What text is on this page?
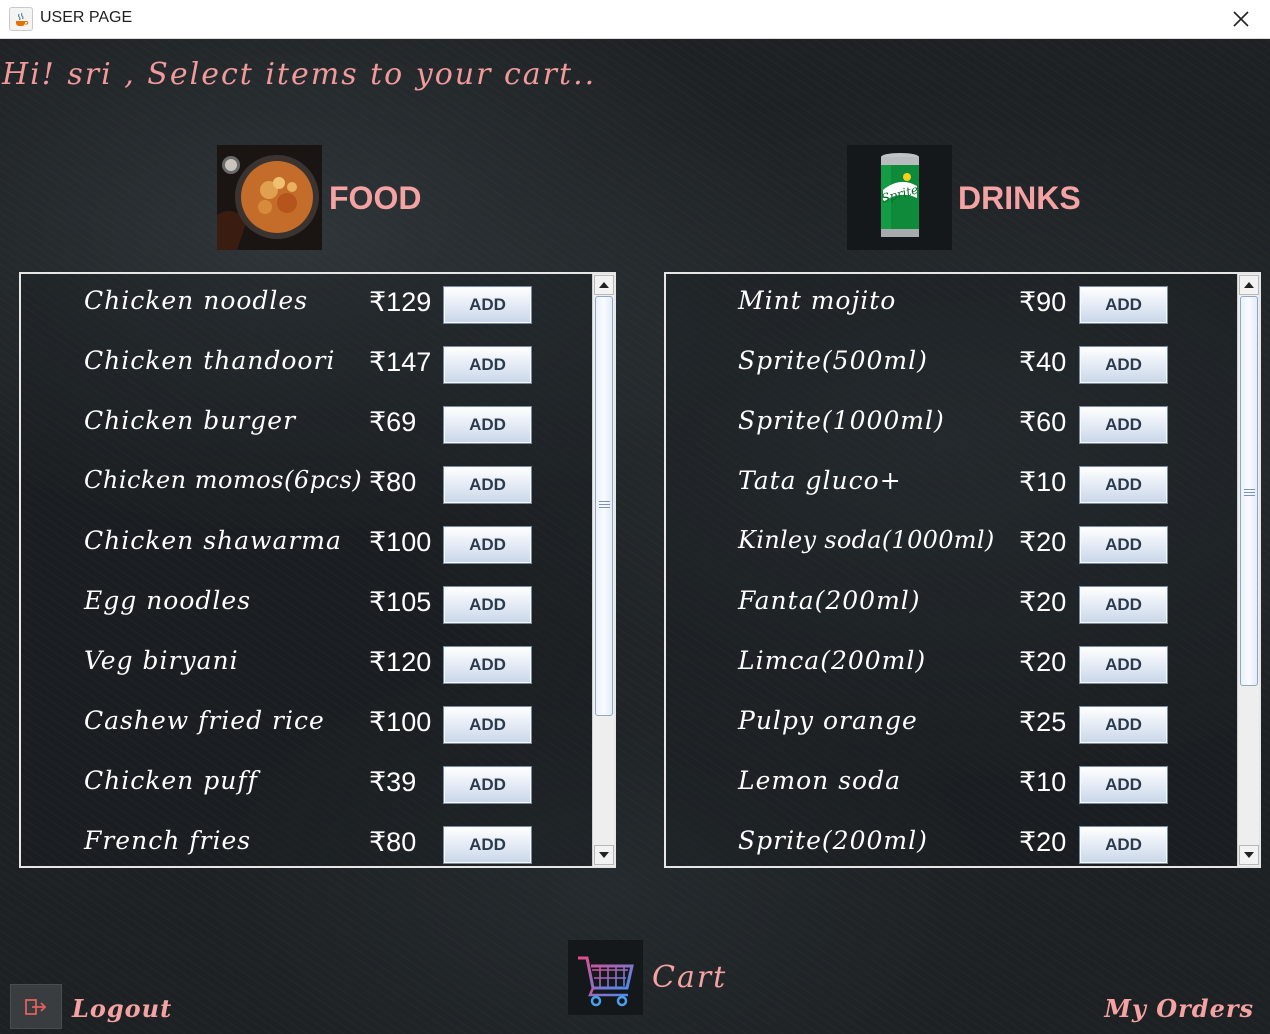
USER PAGE
Hi! sri , Select items to your cart..
FOOD	Sprite DRINKS
Chicken noodles ₹129	ADD
Chicken thandoori ₹147	ADD
Chicken burger	₹69	ADD
Chicken momos(6pcs) ₹80	ADD
Chicken shawarma ₹100	ADD
Egg noodles	₹105	ADD
Veg biryani	₹120	ADD
Cashew fried rice ₹100	ADD
Chicken puff	₹39	ADD
French fries	₹80	ADD
Mint mojito	₹90	ADD
Sprite(500ml)	₹40	ADD
Sprite(1000ml)	₹60	ADD
Tata gluco+	₹10	ADD
Kinley soda(1000ml) ₹20	ADD
Fanta(200ml)	₹20	ADD
Limca(200ml)	₹20	ADD
Pulpy orange	₹25	ADD
Lemon soda	₹10	ADD
Sprite(200ml)	₹20	ADD
Cart
Logout	My Orders
